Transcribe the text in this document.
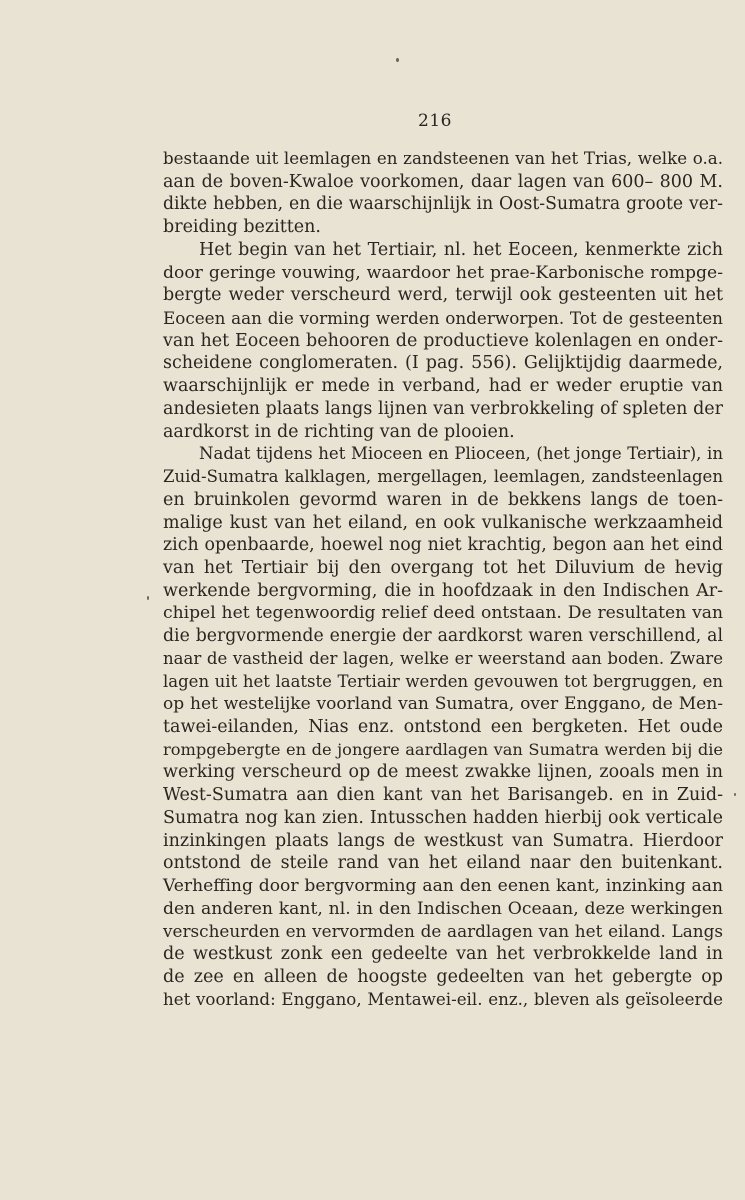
216
bestaande uit leemlagen en zandsteenen van het Trias, welke o.a.
aan de boven-Kwaloe voorkomen, daar lagen van 600– 800 M.
dikte hebben, en die waarschijnlijk in Oost-Sumatra groote ver-
breiding bezitten.
Het begin van het Tertiair, nl. het Eoceen, kenmerkte zich
door geringe vouwing, waardoor het prae-Karbonische rompge-
bergte weder verscheurd werd, terwijl ook gesteenten uit het
Eoceen aan die vorming werden onderworpen. Tot de gesteenten
van het Eoceen behooren de productieve kolenlagen en onder-
scheidene conglomeraten. (I pag. 556). Gelijktijdig daarmede,
waarschijnlijk er mede in verband, had er weder eruptie van
andesieten plaats langs lijnen van verbrokkeling of spleten der
aardkorst in de richting van de plooien.
Nadat tijdens het Mioceen en Plioceen, (het jonge Tertiair), in
Zuid-Sumatra kalklagen, mergellagen, leemlagen, zandsteenlagen
en bruinkolen gevormd waren in de bekkens langs de toen-
malige kust van het eiland, en ook vulkanische werkzaamheid
zich openbaarde, hoewel nog niet krachtig, begon aan het eind
van het Tertiair bij den overgang tot het Diluvium de hevig
werkende bergvorming, die in hoofdzaak in den Indischen Ar-
chipel het tegenwoordig relief deed ontstaan. De resultaten van
die bergvormende energie der aardkorst waren verschillend, al
naar de vastheid der lagen, welke er weerstand aan boden. Zware
lagen uit het laatste Tertiair werden gevouwen tot bergruggen, en
op het westelijke voorland van Sumatra, over Enggano, de Men-
tawei-eilanden, Nias enz. ontstond een bergketen. Het oude
rompgebergte en de jongere aardlagen van Sumatra werden bij die
werking verscheurd op de meest zwakke lijnen, zooals men in
West-Sumatra aan dien kant van het Barisangeb. en in Zuid-
Sumatra nog kan zien. Intusschen hadden hierbij ook verticale
inzinkingen plaats langs de westkust van Sumatra. Hierdoor
ontstond de steile rand van het eiland naar den buitenkant.
Verheffing door bergvorming aan den eenen kant, inzinking aan
den anderen kant, nl. in den Indischen Oceaan, deze werkingen
verscheurden en vervormden de aardlagen van het eiland. Langs
de westkust zonk een gedeelte van het verbrokkelde land in
de zee en alleen de hoogste gedeelten van het gebergte op
het voorland: Enggano, Mentawei-eil. enz., bleven als geïsoleerde
